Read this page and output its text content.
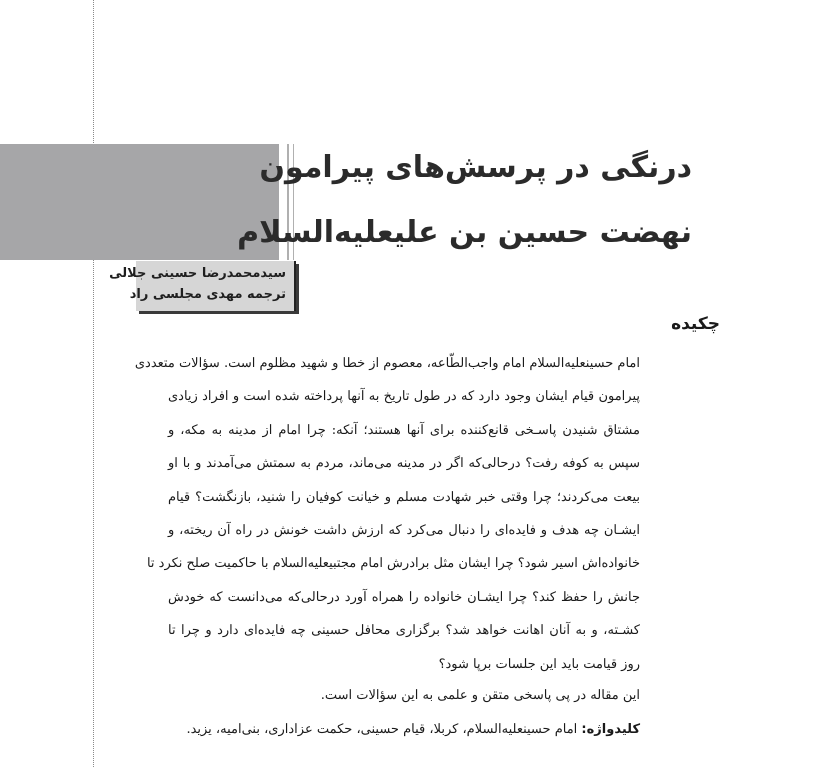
درنگی در پرسش‌های پیرامون
نهضت حسین بن علیعليه‌السلام
سیدمحمدرضا حسینی جلالی
ترجمه مهدی مجلسی راد
چکیده
امام حسینعليه‌السلام امام واجب‌الطّاعه، معصوم از خطا و شهید مظلوم است. سؤالات متعددی
پیرامون قیام ایشان وجود دارد که در طول تاریخ به آنها پرداخته شده است و افراد زیادی
مشتاق شنیدن پاسـخی قانع‌کننده برای آنها هستند؛ آنکه: چرا امام از مدینه به مکه، و
سپس به کوفه رفت؟ درحالی‌که اگر در مدینه می‌ماند، مردم به سمتش می‌آمدند و با او
بیعت می‌کردند؛ چرا وقتی خبر شهادت مسلم و خیانت کوفیان را شنید، بازنگشت؟ قیام
ایشـان چه هدف و فایده‌ای را دنبال می‌کرد که ارزش داشت خونش در راه آن ریخته، و
خانواده‌اش اسیر شود؟ چرا ایشان مثل برادرش امام مجتبیعليه‌السلام با حاکمیت صلح نکرد تا
جانش را حفظ کند؟ چرا ایشـان خانواده را همراه آورد درحالی‌که می‌دانست که خودش
کشـته، و به آنان اهانت خواهد شد؟ برگزاری محافل حسینی چه فایده‌ای دارد و چرا تا
روز قیامت باید این جلسات برپا شود؟
این مقاله در پی پاسخی متقن و علمی به این سؤالات است.
کلیدواژه: امام حسینعليه‌السلام، کربلا، قیام حسینی، حکمت عزاداری، بنی‌امیه، یزید.
